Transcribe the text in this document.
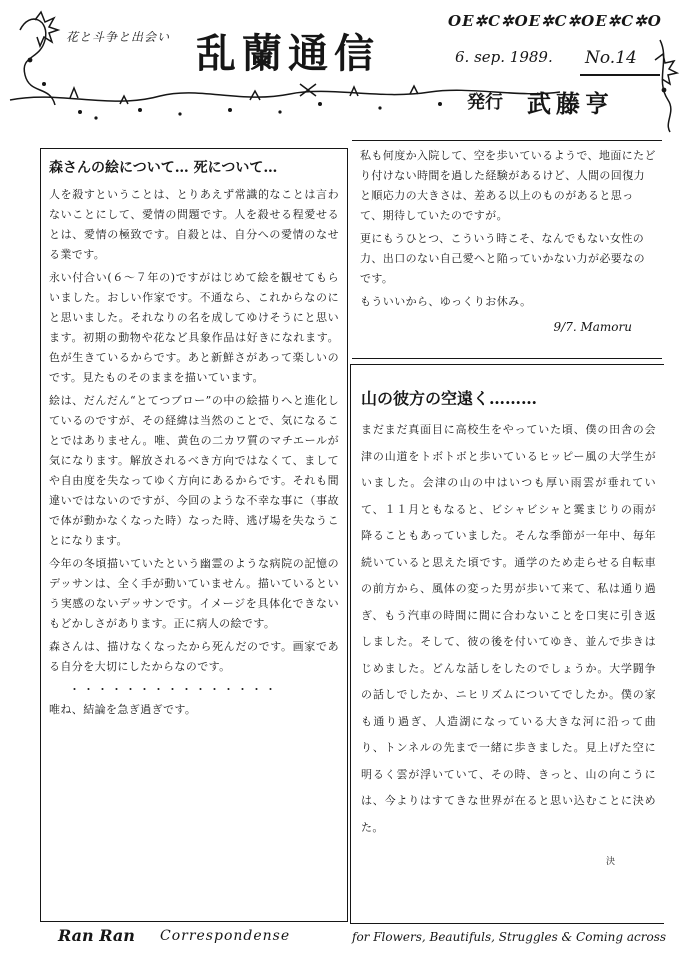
花と斗争と出会い 乱蘭通信
OE✲C✲OE✲C✲OE✲C✲O
6. sep. 1989. No.14
発行 武藤亨
森さんの絵について… 死について…

人を殺すということは、とりあえず常識的なことは言わないことにして、愛情の問題です。人を殺せる程愛せるとは、愛情の極致です。自殺とは、自分への愛情のなせる業です。

永い付合い(６～７年の)ですがはじめて絵を観せてもらいました。おしい作家です。不通なら、これからなのにと思いました。それなりの名を成してゆけそうにと思います。初期の動物や花など具象作品は好きになれます。色が生きているからです。あと新鮮さがあって楽しいのです。見たものそのままを描いています。

絵は、だんだん“とてつブロー”の中の絵描りへと進化しているのですが、その経緯は当然のことで、気になることではありません。唯、黄色の二カワ質のマチエールが気になります。解放されるべき方向ではなくて、ましてや自由度を失なってゆく方向にあるからです。それも間違いではないのですが、今回のような不幸な事に（事故で体が動かなくなった時）なった時、逃げ場を失なうことになります。

今年の冬頃描いていたという幽霊のような病院の記憶のデッサンは、全く手が動いていません。描いているという実感のないデッサンです。イメージを具体化できないもどかしさがあります。正に病人の絵です。

森さんは、描けなくなったから死んだのです。画家である自分を大切にしたからなのです。

・・・・・・・・・・・・・・・

唯ね、結論を急ぎ過ぎです。

私も何度か入院して、空を歩いているようで、地面にたどり付けない時間を過した経験があるけど、人間の回復力と順応力の大きさは、差ある以上のものがあると思って、期待していたのですが。

更にもうひとつ、こういう時こそ、なんでもない女性の力、出口のない自己愛へと陥っていかない力が必要なのです。

もういいから、ゆっくりお休み。

9/7. Mamoru
山の彼方の空遠く………

まだまだ真面目に高校生をやっていた頃、僕の田舎の会津の山道をトボトボと歩いているヒッピー風の大学生がいました。会津の山の中はいつも厚い雨雲が垂れていて、１１月ともなると、ビシャビシャと霙まじりの雨が降ることもあっていました。そんな季節が一年中、毎年続いていると思えた頃です。通学のため走らせる自転車の前方から、風体の変った男が歩いて来て、私は通り過ぎ、もう汽車の時間に間に合わないことを口実に引き返しました。そして、彼の後を付いてゆき、並んで歩きはじめました。どんな話しをしたのでしょうか。大学闘争の話しでしたか、ニヒリズムについてでしたか。僕の家も通り過ぎ、人造湖になっている大きな河に沿って曲り、トンネルの先まで一緒に歩きました。見上げた空に明るく雲が浮いていて、その時、きっと、山の向こうには、今よりはすてきな世界が在ると思い込むことに決めた。

決
Ran Ran Correspondense	for Flowers, Beautifuls, Struggles & Coming across
